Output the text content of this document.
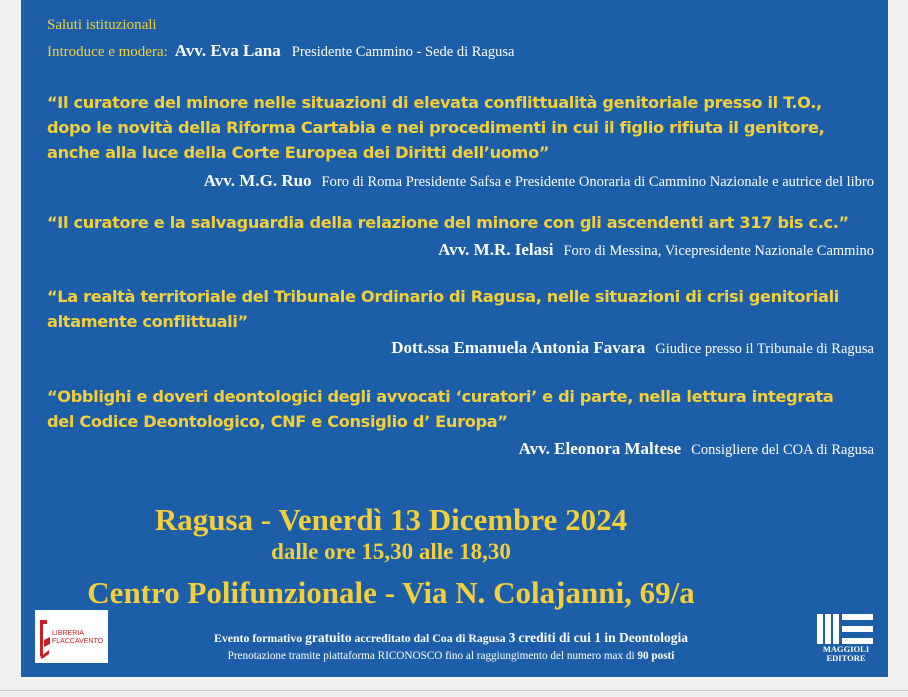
Saluti istituzionali
Introduce e modera: Avv. Eva Lana Presidente Cammino - Sede di Ragusa
“Il curatore del minore nelle situazioni di elevata conflittualità genitoriale presso il T.O.,
dopo le novità della Riforma Cartabia e nei procedimenti in cui il figlio rifiuta il genitore,
anche alla luce della Corte Europea dei Diritti dell’uomo”
Avv. M.G. Ruo Foro di Roma Presidente Safsa e Presidente Onoraria di Cammino Nazionale e autrice del libro
“Il curatore e la salvaguardia della relazione del minore con gli ascendenti art 317 bis c.c.”
Avv. M.R. Ielasi Foro di Messina, Vicepresidente Nazionale Cammino
“La realtà territoriale del Tribunale Ordinario di Ragusa, nelle situazioni di crisi genitoriali
altamente conflittuali”
Dott.ssa Emanuela Antonia Favara Giudice presso il Tribunale di Ragusa
“Obblighi e doveri deontologici degli avvocati ‘curatori’ e di parte, nella lettura integrata
del Codice Deontologico, CNF e Consiglio d’ Europa”
Avv. Eleonora Maltese Consigliere del COA di Ragusa
Ragusa - Venerdì 13 Dicembre 2024
dalle ore 15,30 alle 18,30
Centro Polifunzionale - Via N. Colajanni, 69/a
Evento formativo gratuito accreditato dal Coa di Ragusa 3 crediti di cui 1 in Deontologia
Prenotazione tramite piattaforma RICONOSCO fino al raggiungimento del numero max di 90 posti
LIBRERIA
FLACCAVENTO
MAGGIOLI
EDITORE
